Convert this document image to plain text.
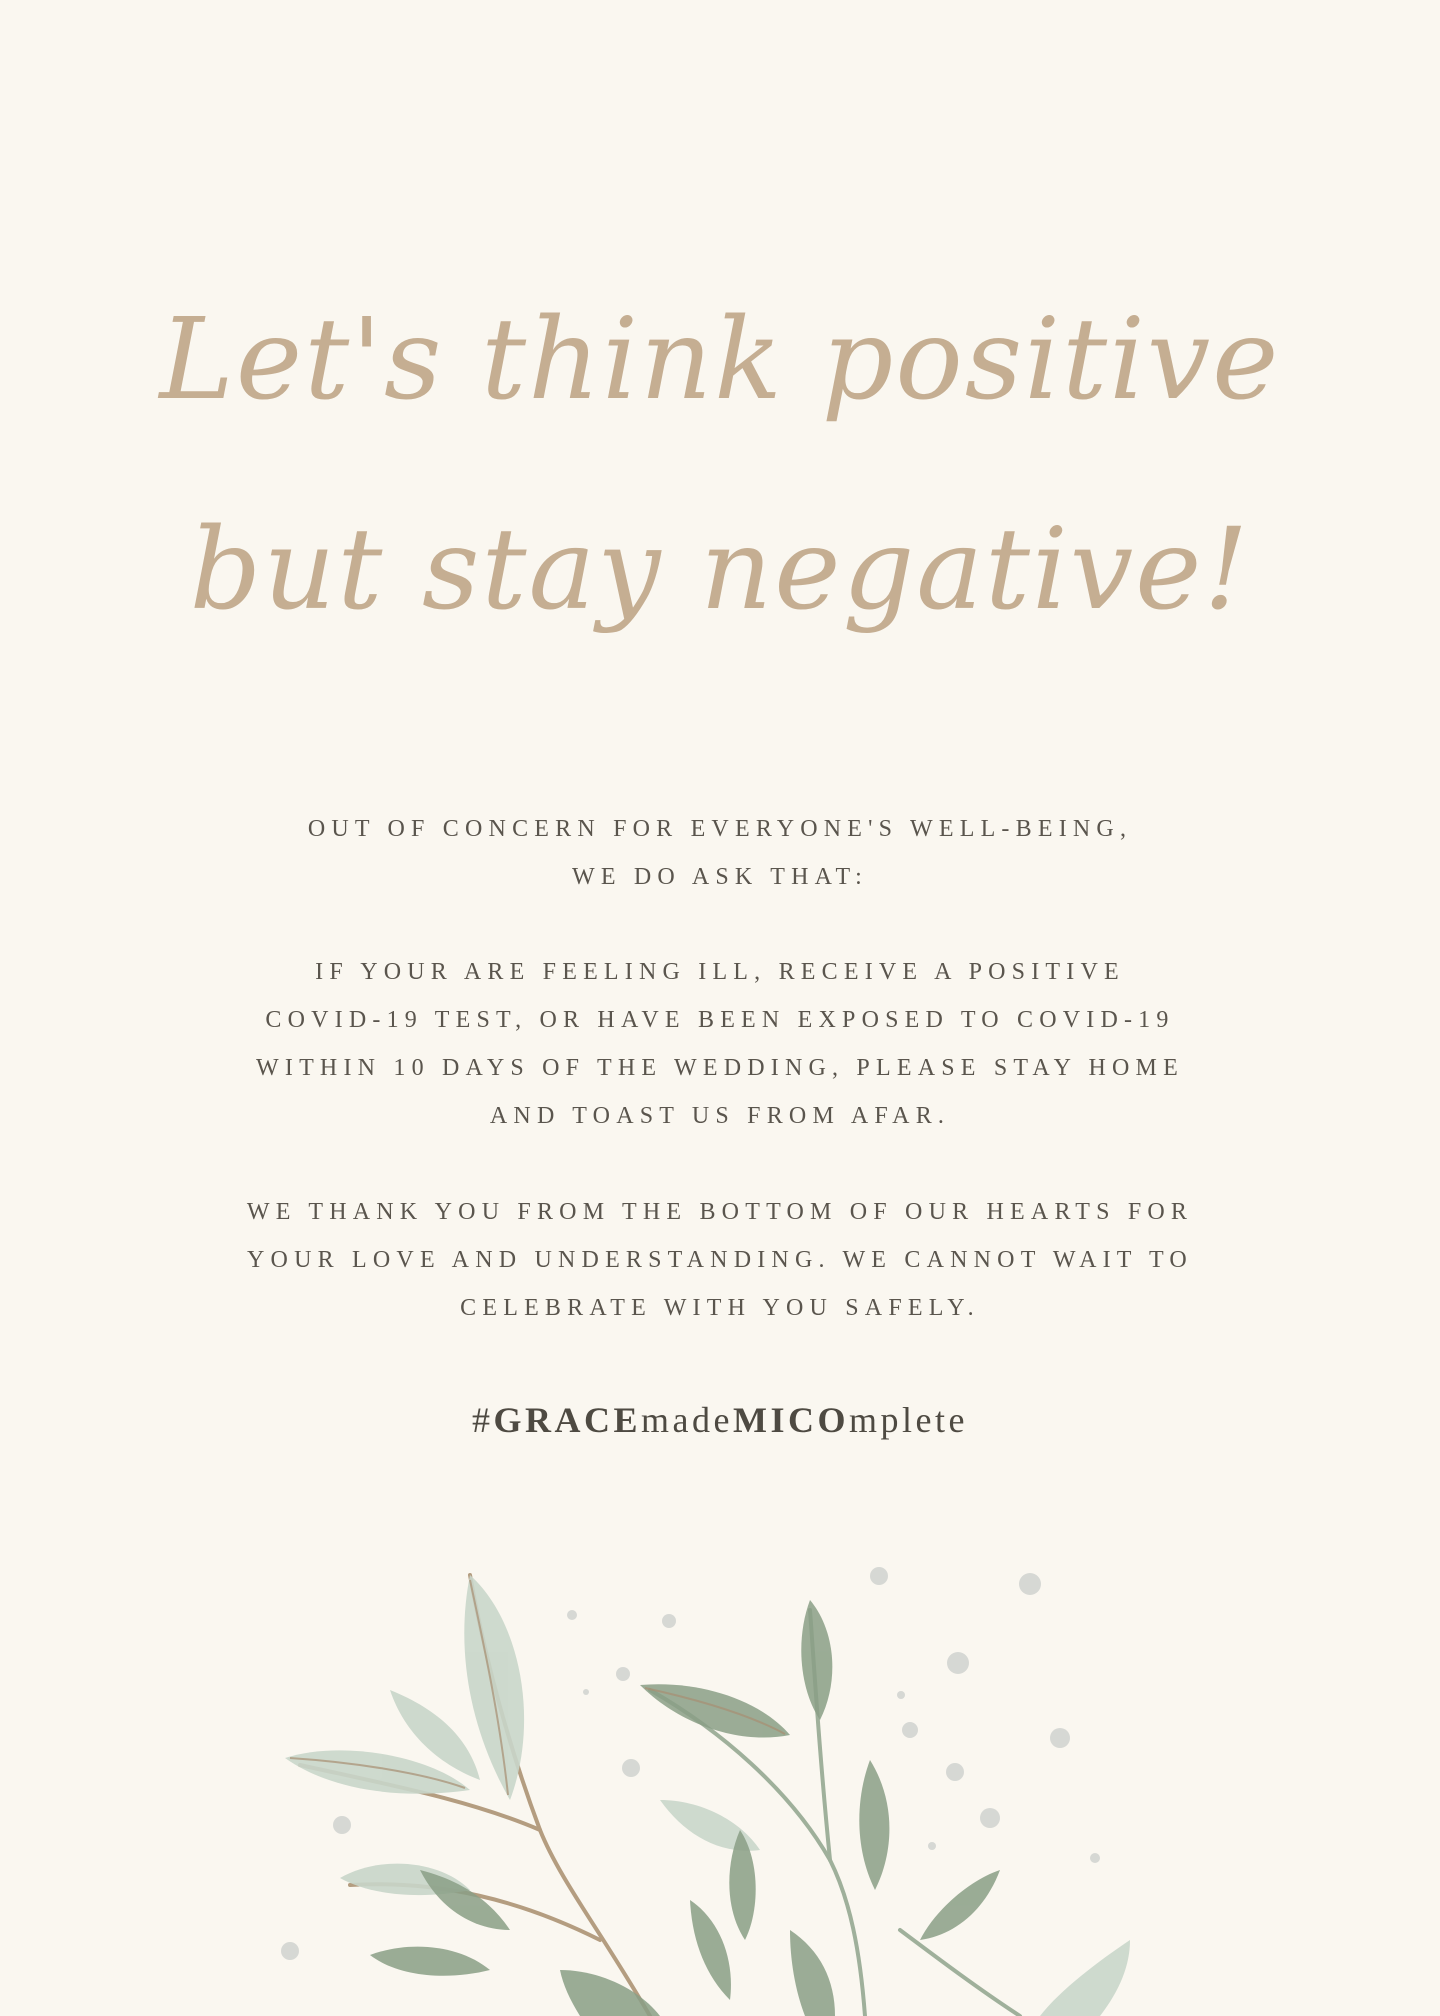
Let's think positive
but stay negative!

OUT OF CONCERN FOR EVERYONE'S WELL-BEING,

WE DO ASK THAT:

IF YOUR ARE FEELING ILL, RECEIVE A POSITIVE

COVID-19 TEST, OR HAVE BEEN EXPOSED TO COVID-19

WITHIN 10 DAYS OF THE WEDDING, PLEASE STAY HOME

AND TOAST US FROM AFAR.

WE THANK YOU FROM THE BOTTOM OF OUR HEARTS FOR

YOUR LOVE AND UNDERSTANDING. WE CANNOT WAIT TO

CELEBRATE WITH YOU SAFELY.

#GRACEmadeMICOmplete
